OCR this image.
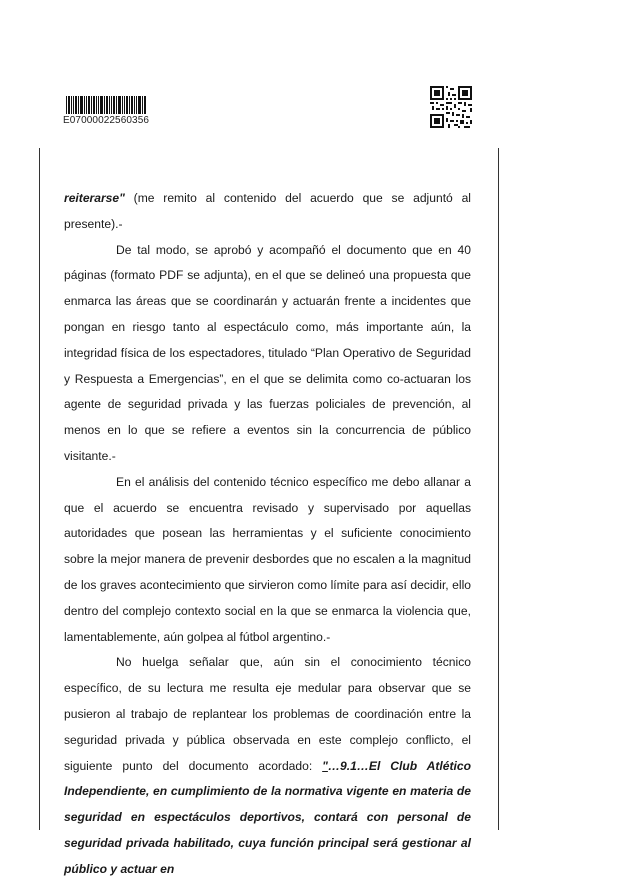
E07000022560356

reiterarse" (me remito al contenido del acuerdo que se adjuntó al presente).-

De tal modo, se aprobó y acompañó el documento que en 40 páginas (formato PDF se adjunta), en el que se delineó una propuesta que enmarca las áreas que se coordinarán y actuarán frente a incidentes que pongan en riesgo tanto al espectáculo como, más importante aún, la integridad física de los espectadores, titulado “Plan Operativo de Seguridad y Respuesta a Emergencias”, en el que se delimita como co-actuaran los agente de seguridad privada y las fuerzas policiales de prevención, al menos en lo que se refiere a eventos sin la concurrencia de público visitante.-

En el análisis del contenido técnico específico me debo allanar a que el acuerdo se encuentra revisado y supervisado por aquellas autoridades que posean las herramientas y el suficiente conocimiento sobre la mejor manera de prevenir desbordes que no escalen a la magnitud de los graves acontecimiento que sirvieron como límite para así decidir, ello dentro del complejo contexto social en la que se enmarca la violencia que, lamentablemente, aún golpea al fútbol argentino.-

No huelga señalar que, aún sin el conocimiento técnico específico, de su lectura me resulta eje medular para observar que se pusieron al trabajo de replantear los problemas de coordinación entre la seguridad privada y pública observada en este complejo conflicto, el siguiente punto del documento acordado: "…9.1…El Club Atlético Independiente, en cumplimiento de la normativa vigente en materia de seguridad en espectáculos deportivos, contará con personal de seguridad privada habilitado, cuya función principal será gestionar al público y actuar en
